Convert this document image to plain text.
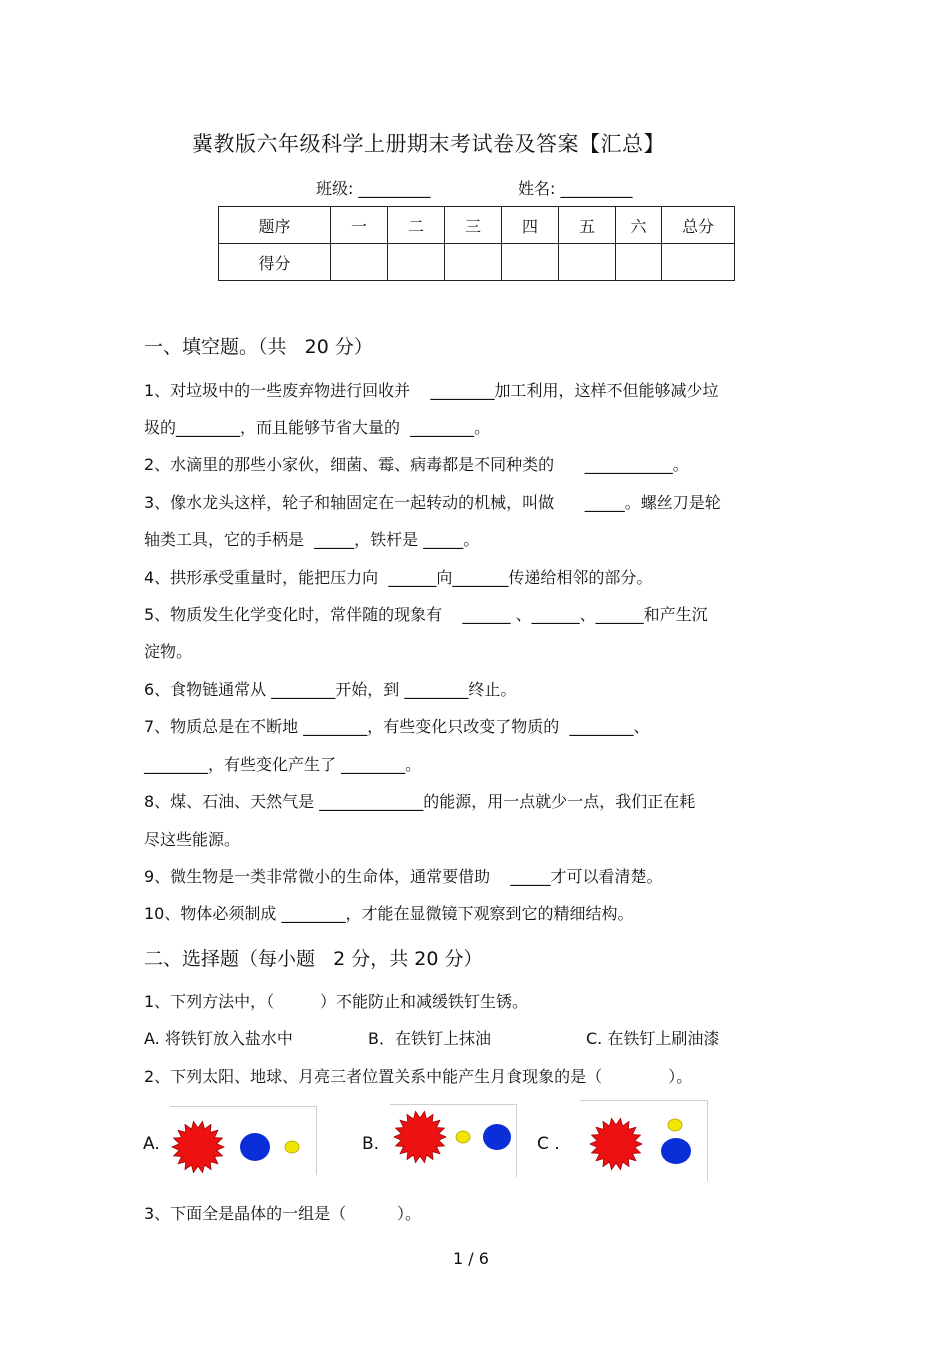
冀教版六年级科学上册期末考试卷及答案【汇总】
班级: _________	姓名: _________
题序	一	二	三	四	五	六	总分
得分							
一、填空题。（共   20 分）
1、对垃圾中的一些废弃物进行回收并    ________加工利用，这样不但能够减少垃
圾的________，而且能够节省大量的  ________。
2、水滴里的那些小家伙，细菌、霉、病毒都是不同种类的      ___________。
3、像水龙头这样，轮子和轴固定在一起转动的机械，叫做      _____。螺丝刀是轮
轴类工具，它的手柄是  _____，铁杆是 _____。
4、拱形承受重量时，能把压力向  ______向_______传递给相邻的部分。
5、物质发生化学变化时，常伴随的现象有    ______ 、______、______和产生沉
淀物。
6、食物链通常从 ________开始，到 ________终止。
7、物质总是在不断地 ________，有些变化只改变了物质的  ________、
________，有些变化产生了 ________。
8、煤、石油、天然气是 _____________的能源，用一点就少一点，我们正在耗
尽这些能源。
9、微生物是一类非常微小的生命体，通常要借助    _____才可以看清楚。
10、物体必须制成 ________，才能在显微镜下观察到它的精细结构。
二、选择题（每小题   2 分，共 20 分）
1、下列方法中，（         ）不能防止和减缓铁钉生锈。
A. 将铁钉放入盐水中	B．在铁钉上抹油	C. 在铁钉上刷油漆
2、下列太阳、地球、月亮三者位置关系中能产生月食现象的是（             ）。
A.	B.	C .
3、下面全是晶体的一组是（          ）。
1 / 6
